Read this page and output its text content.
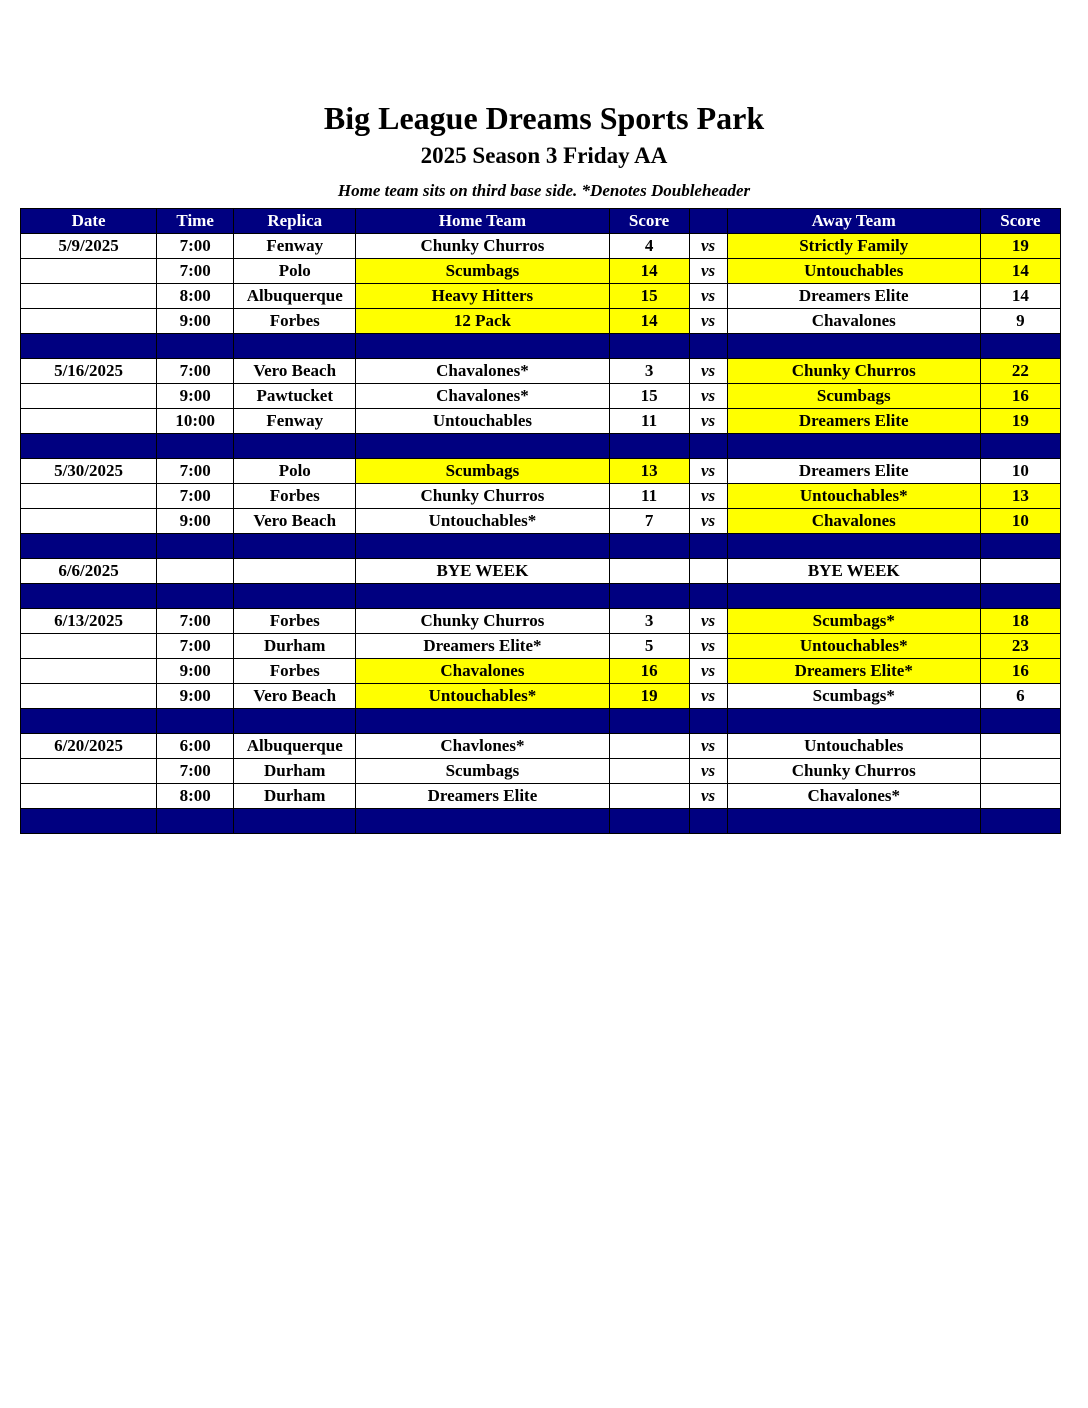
Big League Dreams Sports Park
2025 Season 3 Friday AA
Home team sits on third base side. *Denotes Doubleheader
Date	Time	Replica	Home Team	Score		Away Team	Score
5/9/2025	7:00	Fenway	Chunky Churros	4	vs	Strictly Family	19
	7:00	Polo	Scumbags	14	vs	Untouchables	14
	8:00	Albuquerque	Heavy Hitters	15	vs	Dreamers Elite	14
	9:00	Forbes	12 Pack	14	vs	Chavalones	9

5/16/2025	7:00	Vero Beach	Chavalones*	3	vs	Chunky Churros	22
	9:00	Pawtucket	Chavalones*	15	vs	Scumbags	16
	10:00	Fenway	Untouchables	11	vs	Dreamers Elite	19

5/30/2025	7:00	Polo	Scumbags	13	vs	Dreamers Elite	10
	7:00	Forbes	Chunky Churros	11	vs	Untouchables*	13
	9:00	Vero Beach	Untouchables*	7	vs	Chavalones	10

6/6/2025			BYE WEEK			BYE WEEK	

6/13/2025	7:00	Forbes	Chunky Churros	3	vs	Scumbags*	18
	7:00	Durham	Dreamers Elite*	5	vs	Untouchables*	23
	9:00	Forbes	Chavalones	16	vs	Dreamers Elite*	16
	9:00	Vero Beach	Untouchables*	19	vs	Scumbags*	6

6/20/2025	6:00	Albuquerque	Chavlones*		vs	Untouchables	
	7:00	Durham	Scumbags		vs	Chunky Churros	
	8:00	Durham	Dreamers Elite		vs	Chavalones*	
